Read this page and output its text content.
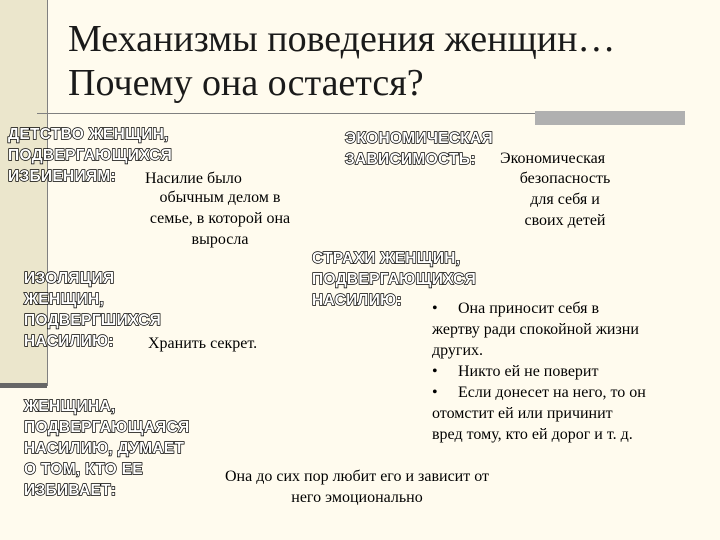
Механизмы поведения женщин…
Почему она остается?
ДЕТСТВО ЖЕНЩИН,
ПОДВЕРГАЮЩИХСЯ
ИЗБИЕНИЯМ:	Насилие было
обычным делом в
семье, в которой она
выросла
ЭКОНОМИЧЕСКАЯ
ЗАВИСИМОСТЬ:	Экономическая
безопасность
для себя и
своих детей
ИЗОЛЯЦИЯ
ЖЕНЩИН,
ПОДВЕРГШИХСЯ
НАСИЛИЮ:	Хранить секрет.
СТРАХИ ЖЕНЩИН,
ПОДВЕРГАЮЩИХСЯ
НАСИЛИЮ:	• Она приносит себя в
жертву ради спокойной жизни
других.
• Никто ей не поверит
• Если донесет на него, то он
отомстит ей или причинит
вред тому, кто ей дорог и т. д.
ЖЕНЩИНА,
ПОДВЕРГАЮЩАЯСЯ
НАСИЛИЮ, ДУМАЕТ
О ТОМ, КТО ЕЕ
ИЗБИВАЕТ:
Она до сих пор любит его и зависит от
него эмоционально
